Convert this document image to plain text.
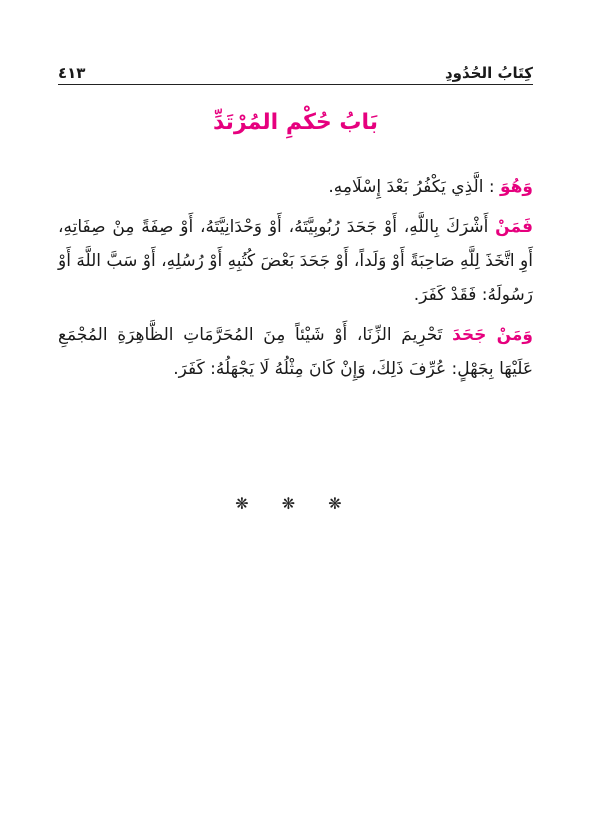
كِتَابُ الحُدُودِ
٤١٣
بَابُ حُكْمِ المُرْتَدِّ

وَهُوَ : الَّذِي يَكْفُرُ بَعْدَ إِسْلَامِهِ.

فَمَنْ أَشْرَكَ بِاللَّهِ، أَوْ جَحَدَ رُبُوبِيَّتَهُ، أَوْ وَحْدَانِيَّتَهُ، أَوْ صِفَةً مِنْ صِفَاتِهِ، أَوِ اتَّخَذَ لِلَّهِ صَاحِبَةً أَوْ وَلَداً، أَوْ جَحَدَ بَعْضَ كُتُبِهِ أَوْ رُسُلِهِ، أَوْ سَبَّ اللَّهَ أَوْ رَسُولَهُ: فَقَدْ كَفَرَ.

وَمَنْ جَحَدَ تَحْرِيمَ الزِّنَا، أَوْ شَيْئاً مِنَ المُحَرَّمَاتِ الظَّاهِرَةِ المُجْمَعِ عَلَيْهَا بِجَهْلٍ: عُرِّفَ ذَلِكَ، وَإِنْ كَانَ مِثْلُهُ لَا يَجْهَلُهُ: كَفَرَ.

❋ ❋ ❋
